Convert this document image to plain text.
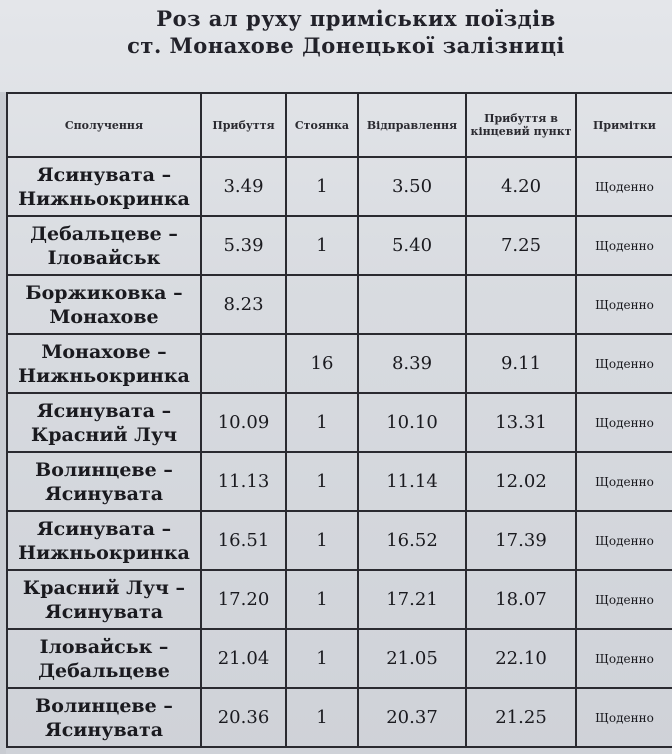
Роз ал руху приміських поїздів
ст. Монахове Донецької залізниці
Сполучення	Прибуття	Стоянка	Відправлення	Прибуття в кінцевий пункт	Примітки

Ясинувата –
Нижньокринка	3.49	1	3.50	4.20	Щоденно

Дебальцеве –
Іловайськ	5.39	1	5.40	7.25	Щоденно

Боржиковка –
Монахове	8.23				Щоденно

Монахове –
Нижньокринка		16	8.39	9.11	Щоденно

Ясинувата –
Красний Луч	10.09	1	10.10	13.31	Щоденно

Волинцеве –
Ясинувата	11.13	1	11.14	12.02	Щоденно

Ясинувата –
Нижньокринка	16.51	1	16.52	17.39	Щоденно

Красний Луч –
Ясинувата	17.20	1	17.21	18.07	Щоденно

Іловайськ –
Дебальцеве	21.04	1	21.05	22.10	Щоденно

Волинцеве –
Ясинувата	20.36	1	20.37	21.25	Щоденно
